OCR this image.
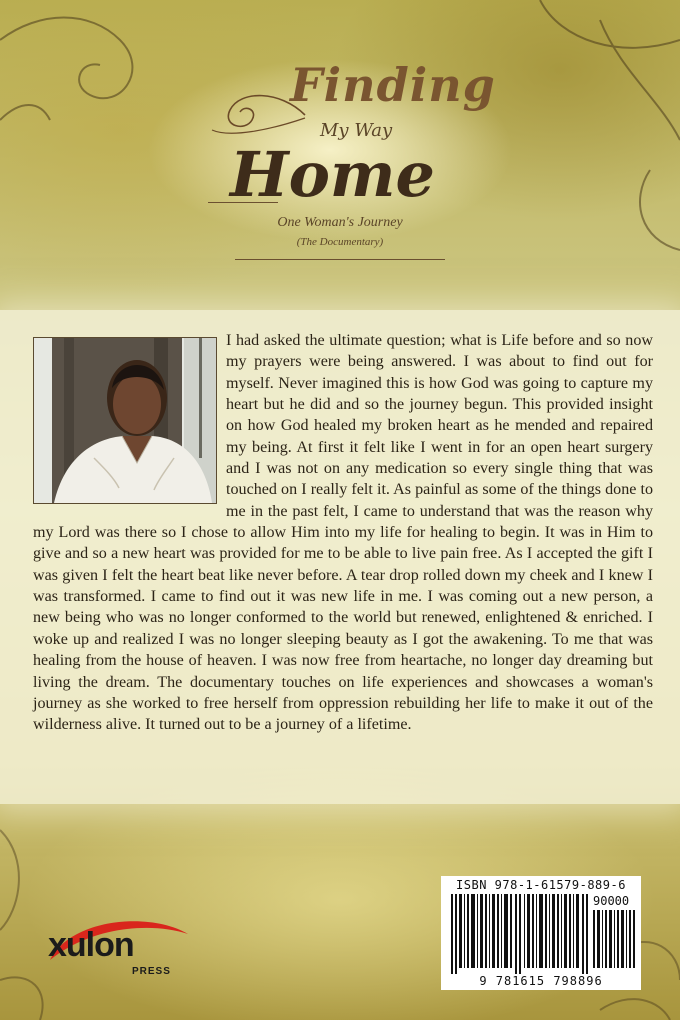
Finding
My Way
Home
One Woman's Journey
(The Documentary)
I had asked the ultimate question; what is Life before and so now my prayers were being answered. I was about to find out for myself. Never imagined this is how God was going to capture my heart but he did and so the journey begun. This provided insight on how God healed my broken heart as he mended and repaired my being. At first it felt like I went in for an open heart surgery and I was not on any medication so every single thing that was touched on I really felt it. As painful as some of the things done to me in the past felt, I came to understand that was the reason why my Lord was there so I chose to allow Him into my life for healing to begin. It was in Him to give and so a new heart was provided for me to be able to live pain free. As I accepted the gift I was given I felt the heart beat like never before. A tear drop rolled down my cheek and I knew I was transformed. I came to find out it was new life in me. I was coming out a new person, a new being who was no longer conformed to the world but renewed, enlightened & enriched. I woke up and realized I was no longer sleeping beauty as I got the awakening. To me that was healing from the house of heaven. I was now free from heartache, no longer day dreaming but living the dream. The documentary touches on life experiences and showcases a woman's journey as she worked to free herself from oppression rebuilding her life to make it out of the wilderness alive. It turned out to be a journey of a lifetime.
xulon
PRESS
ISBN 978-1-61579-889-6
90000
9 781615 798896
